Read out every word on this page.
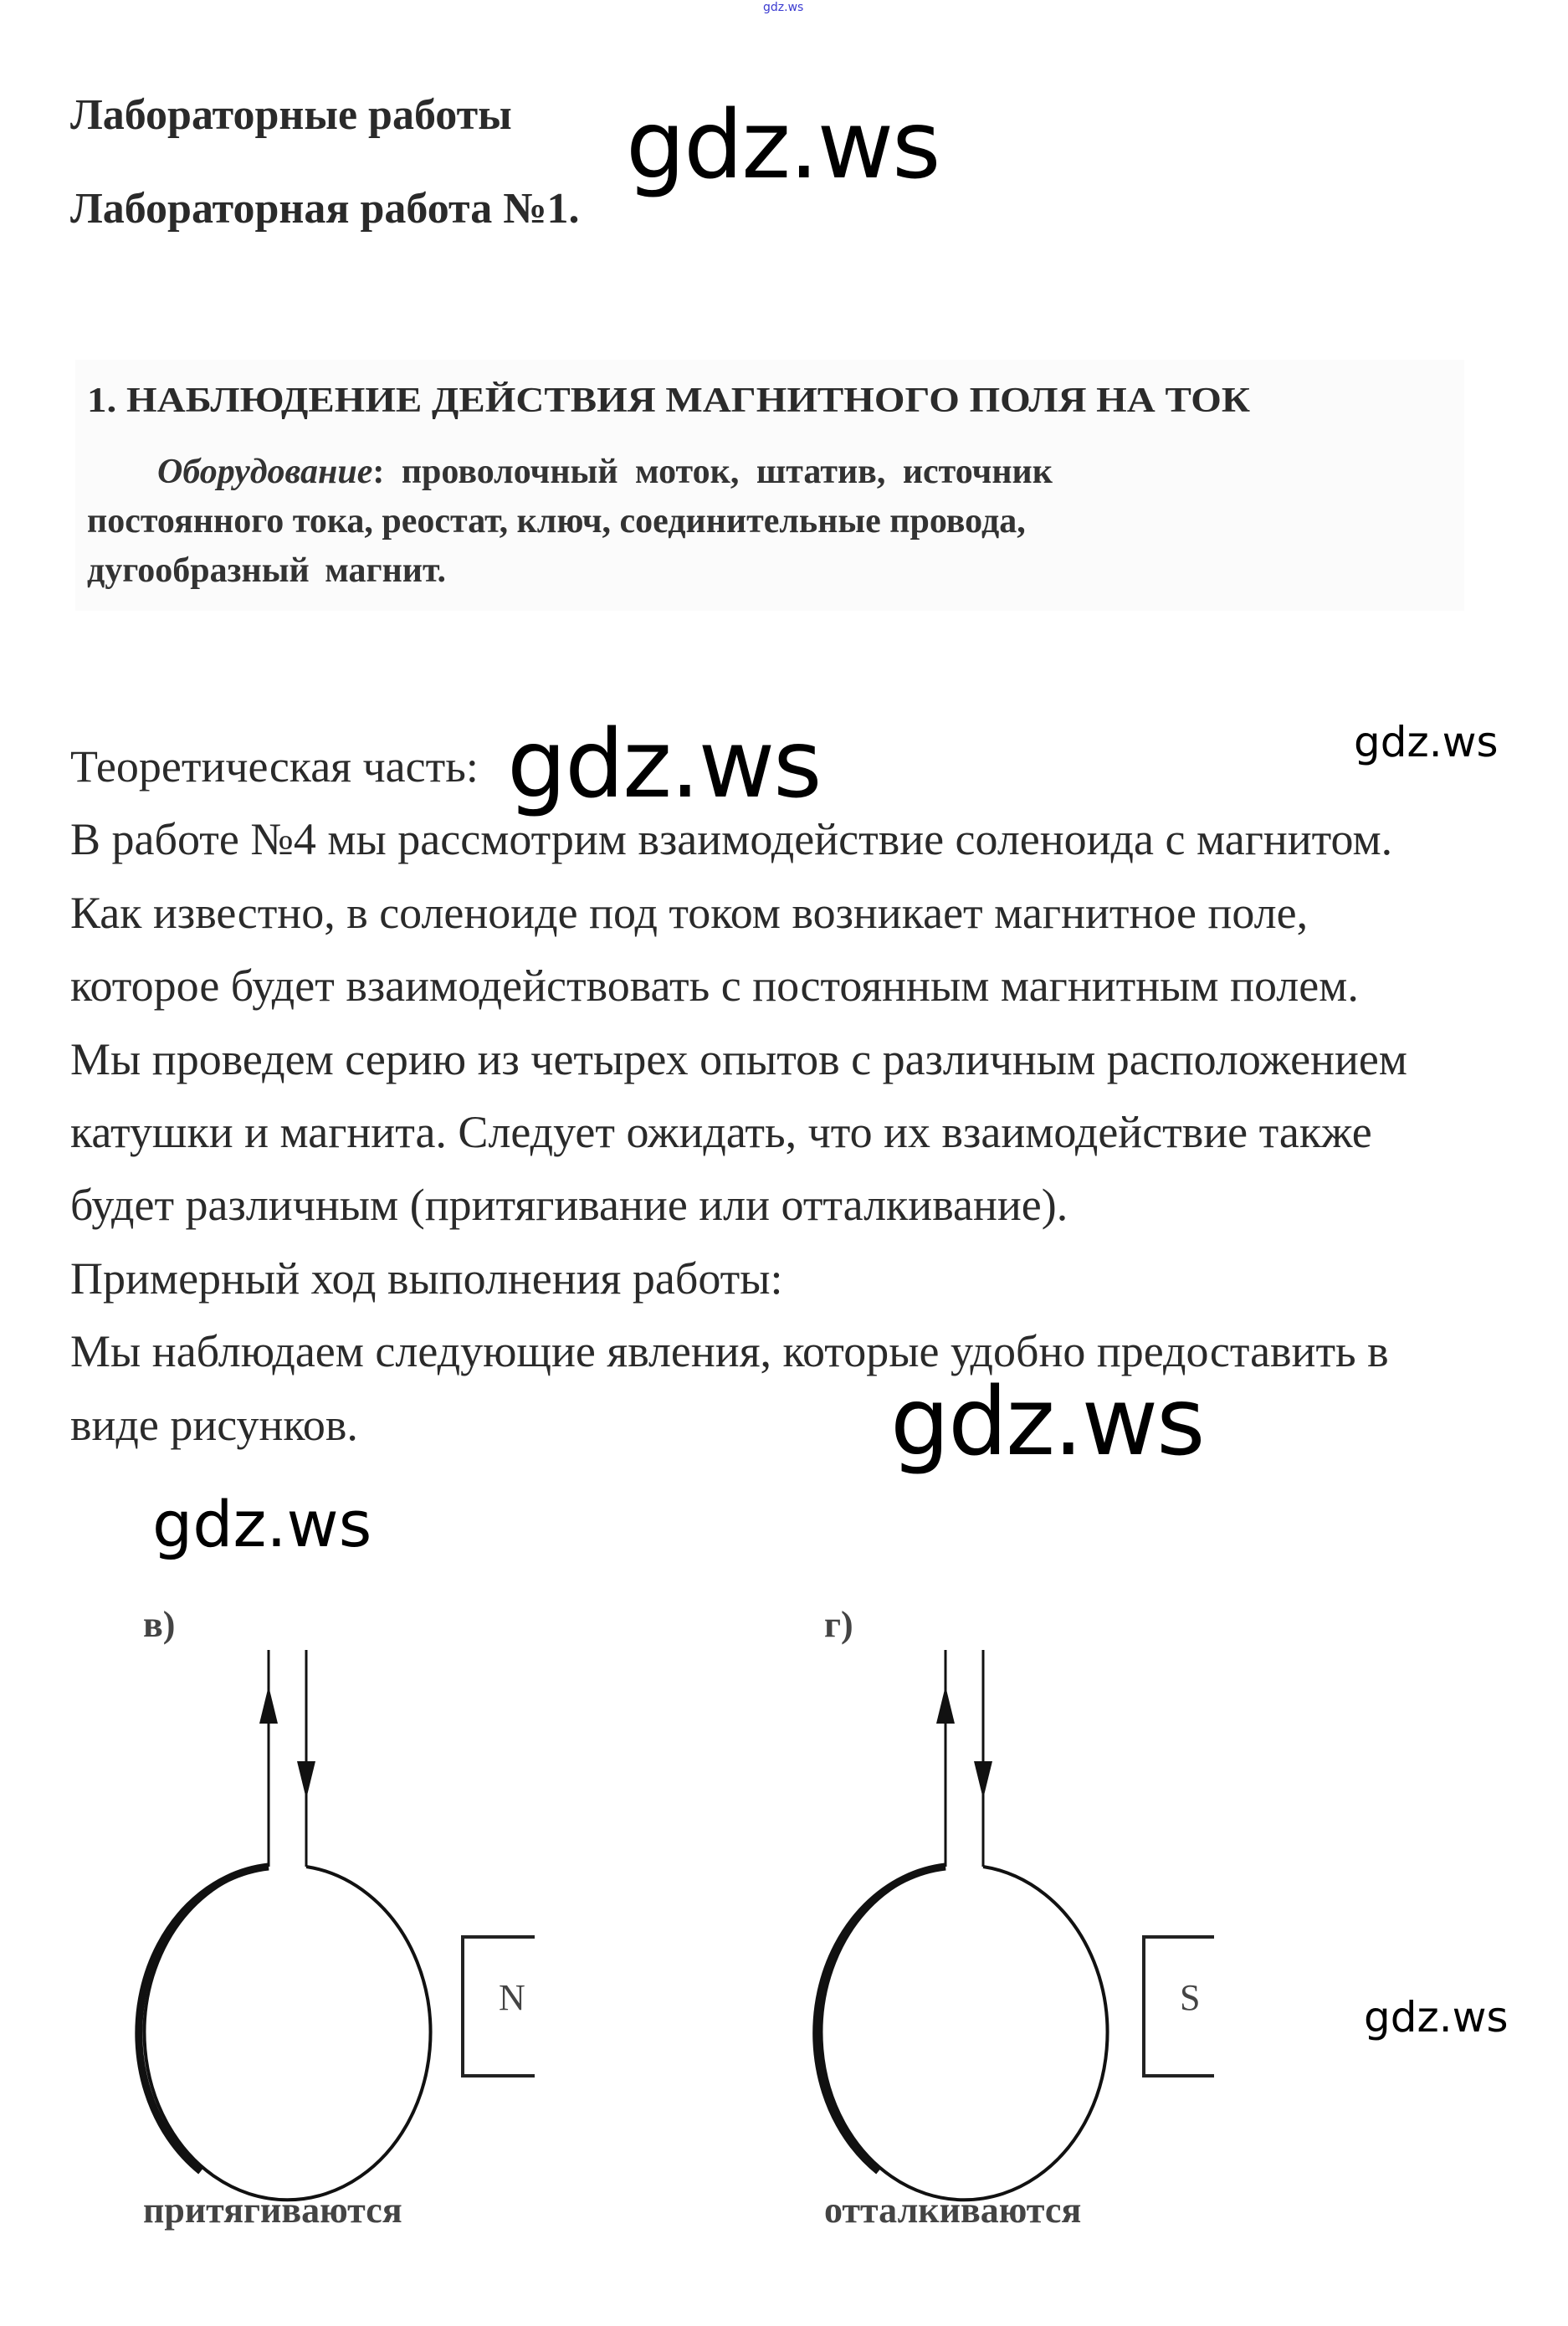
gdz.ws
gdz.ws
gdz.ws	gdz.ws
gdz.ws
gdz.ws
gdz.ws
Лабораторные работы
Лабораторная работа №1.
1. НАБЛЮДЕНИЕ ДЕЙСТВИЯ МАГНИТНОГО ПОЛЯ НА ТОК
Оборудование: проволочный моток, штатив, источник
постоянного тока, реостат, ключ, соединительные провода,
дугообразный магнит.
Теоретическая часть:
В работе №4 мы рассмотрим взаимодействие соленоида с магнитом.
Как известно, в соленоиде под током возникает магнитное поле,
которое будет взаимодействовать с постоянным магнитным полем.
Мы проведем серию из четырех опытов с различным расположением
катушки и магнита. Следует ожидать, что их взаимодействие также
будет различным (притягивание или отталкивание).
Примерный ход выполнения работы:
Мы наблюдаем следующие явления, которые удобно предоставить в
виде рисунков.
в)
N
притягиваются
г)
S
отталкиваются
